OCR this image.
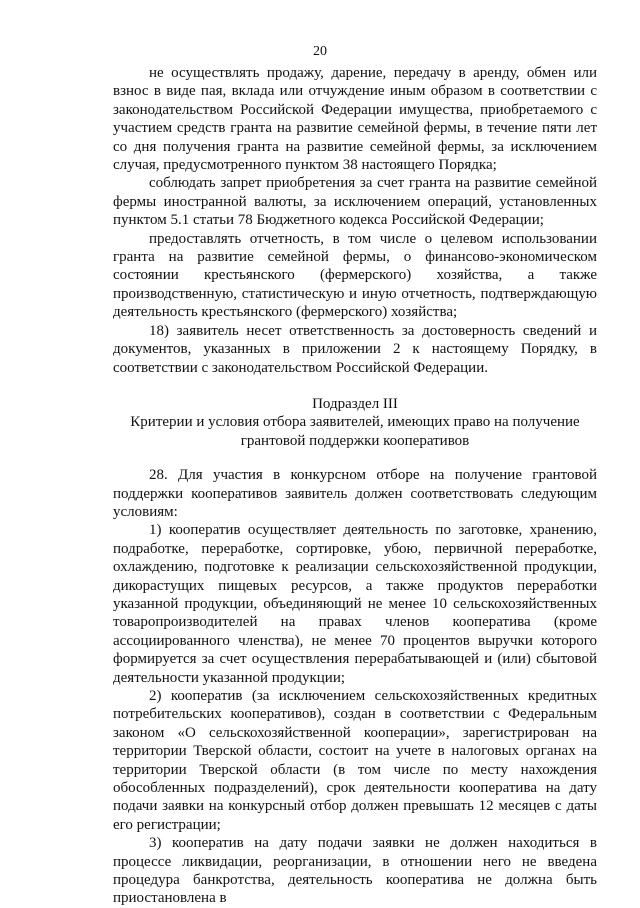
20

не осуществлять продажу, дарение, передачу в аренду, обмен или взнос в виде пая, вклада или отчуждение иным образом в соответствии с законодательством Российской Федерации имущества, приобретаемого с участием средств гранта на развитие семейной фермы, в течение пяти лет со дня получения гранта на развитие семейной фермы, за исключением случая, предусмотренного пунктом 38 настоящего Порядка;

соблюдать запрет приобретения за счет гранта на развитие семейной фермы иностранной валюты, за исключением операций, установленных пунктом 5.1 статьи 78 Бюджетного кодекса Российской Федерации;

предоставлять отчетность, в том числе о целевом использовании гранта на развитие семейной фермы, о финансово-экономическом состоянии крестьянского (фермерского) хозяйства, а также производственную, статистическую и иную отчетность, подтверждающую деятельность крестьянского (фермерского) хозяйства;

18) заявитель несет ответственность за достоверность сведений и документов, указанных в приложении 2 к настоящему Порядку, в соответствии с законодательством Российской Федерации.

Подраздел III

Критерии и условия отбора заявителей, имеющих право на получение грантовой поддержки кооперативов

28. Для участия в конкурсном отборе на получение грантовой поддержки кооперативов заявитель должен соответствовать следующим условиям:

1) кооператив осуществляет деятельность по заготовке, хранению, подработке, переработке, сортировке, убою, первичной переработке, охлаждению, подготовке к реализации сельскохозяйственной продукции, дикорастущих пищевых ресурсов, а также продуктов переработки указанной продукции, объединяющий не менее 10 сельскохозяйственных товаропроизводителей на правах членов кооператива (кроме ассоциированного членства), не менее 70 процентов выручки которого формируется за счет осуществления перерабатывающей и (или) сбытовой деятельности указанной продукции;

2) кооператив (за исключением сельскохозяйственных кредитных потребительских кооперативов), создан в соответствии с Федеральным законом «О сельскохозяйственной кооперации», зарегистрирован на территории Тверской области, состоит на учете в налоговых органах на территории Тверской области (в том числе по месту нахождения обособленных подразделений), срок деятельности кооператива на дату подачи заявки на конкурсный отбор должен превышать 12 месяцев с даты его регистрации;

3) кооператив на дату подачи заявки не должен находиться в процессе ликвидации, реорганизации, в отношении него не введена процедура банкротства, деятельность кооператива не должна быть приостановлена в
